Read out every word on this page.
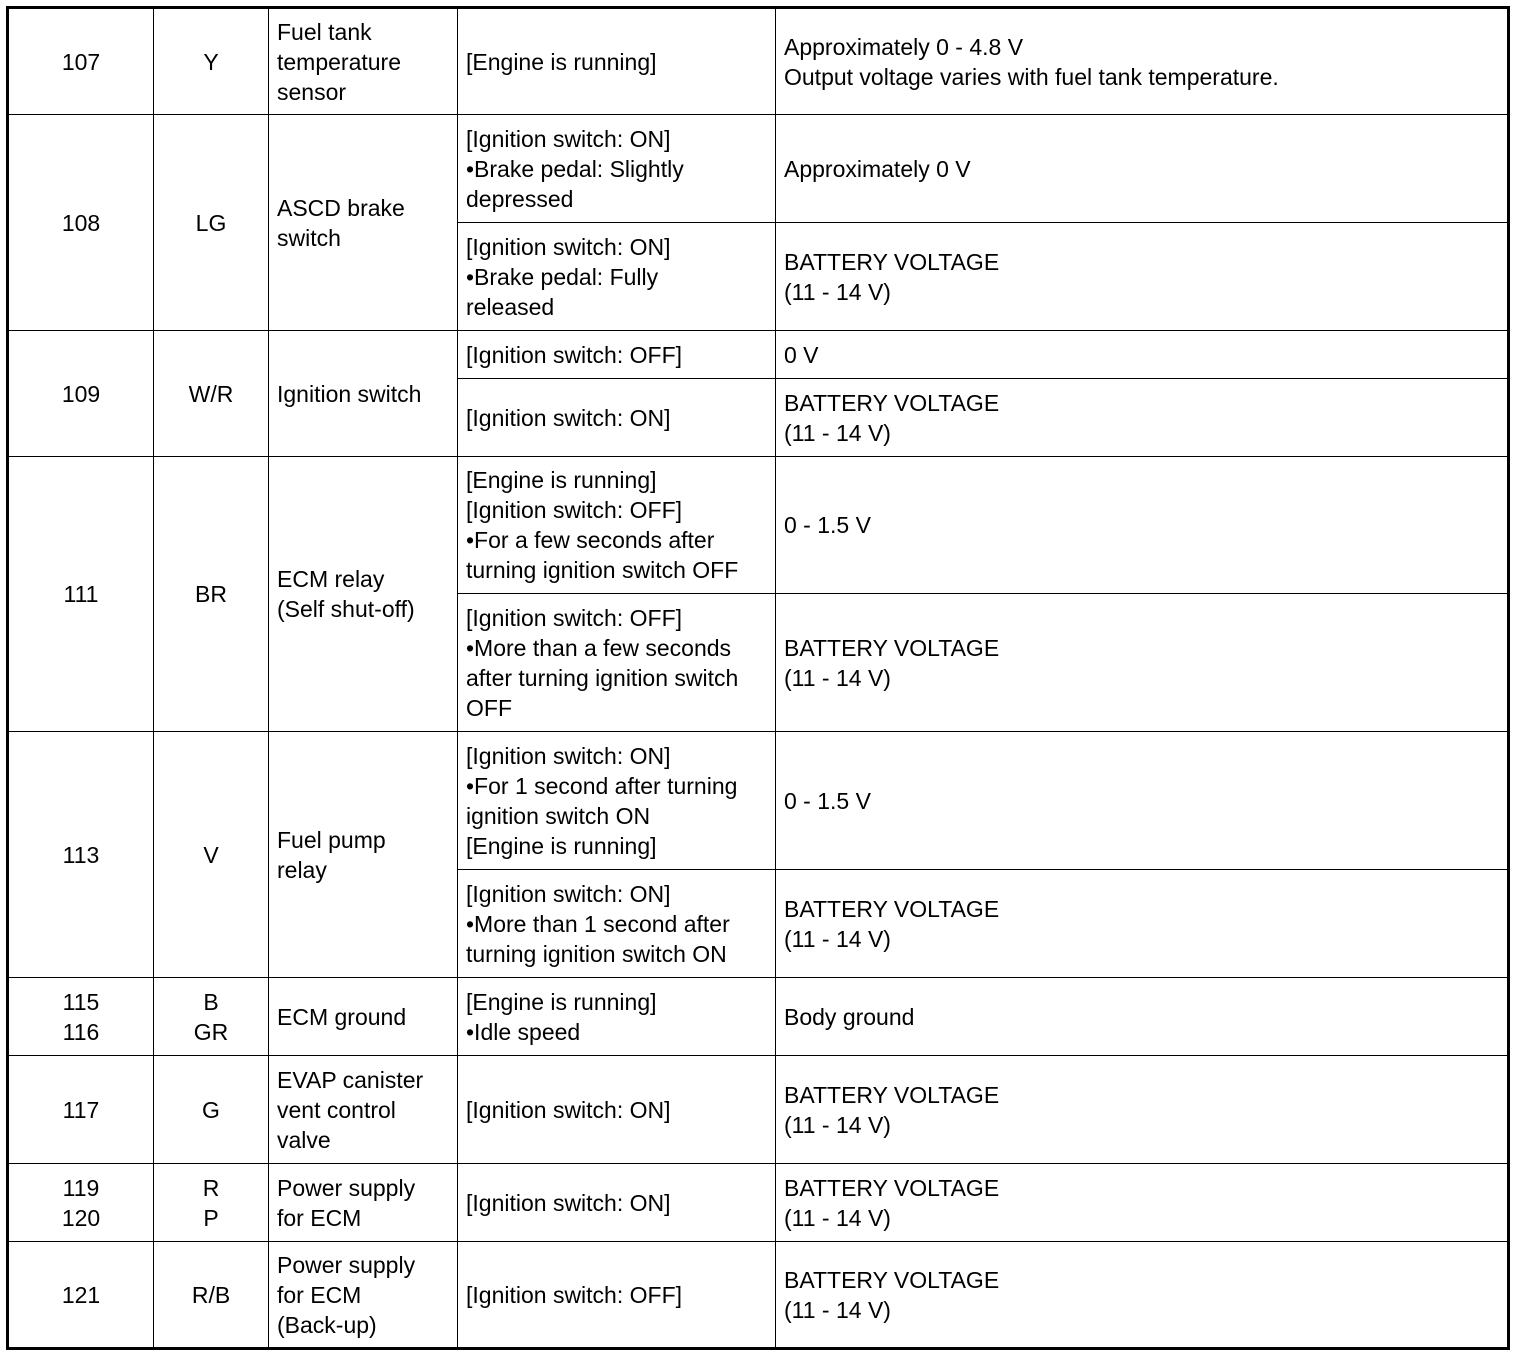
107	Y	Fuel tank
temperature
sensor	[Engine is running]	Approximately 0 - 4.8 V
Output voltage varies with fuel tank temperature.
108	LG	ASCD brake
switch	[Ignition switch: ON]
•Brake pedal: Slightly
depressed	Approximately 0 V
			[Ignition switch: ON]
•Brake pedal: Fully
released	BATTERY VOLTAGE
(11 - 14 V)
109	W/R	Ignition switch	[Ignition switch: OFF]	0 V
			[Ignition switch: ON]	BATTERY VOLTAGE
(11 - 14 V)
111	BR	ECM relay
(Self shut-off)	[Engine is running]
[Ignition switch: OFF]
•For a few seconds after
turning ignition switch OFF	0 - 1.5 V
			[Ignition switch: OFF]
•More than a few seconds
after turning ignition switch
OFF	BATTERY VOLTAGE
(11 - 14 V)
113	V	Fuel pump
relay	[Ignition switch: ON]
•For 1 second after turning
ignition switch ON
[Engine is running]	0 - 1.5 V
			[Ignition switch: ON]
•More than 1 second after
turning ignition switch ON	BATTERY VOLTAGE
(11 - 14 V)
115
116	B
GR	ECM ground	[Engine is running]
•Idle speed	Body ground
117	G	EVAP canister
vent control
valve	[Ignition switch: ON]	BATTERY VOLTAGE
(11 - 14 V)
119
120	R
P	Power supply
for ECM	[Ignition switch: ON]	BATTERY VOLTAGE
(11 - 14 V)
121	R/B	Power supply
for ECM
(Back-up)	[Ignition switch: OFF]	BATTERY VOLTAGE
(11 - 14 V)
